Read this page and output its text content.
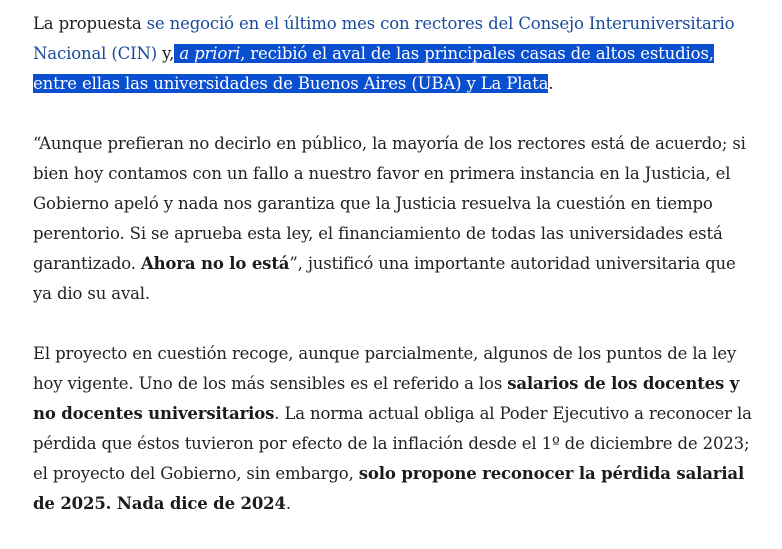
La propuesta se negoció en el último mes con rectores del Consejo Interuniversitario Nacional (CIN) y, a priori, recibió el aval de las principales casas de altos estudios, entre ellas las universidades de Buenos Aires (UBA) y La Plata.

“Aunque prefieran no decirlo en público, la mayoría de los rectores está de acuerdo; si bien hoy contamos con un fallo a nuestro favor en primera instancia en la Justicia, el Gobierno apeló y nada nos garantiza que la Justicia resuelva la cuestión en tiempo perentorio. Si se aprueba esta ley, el financiamiento de todas las universidades está garantizado. Ahora no lo está”, justificó una importante autoridad universitaria que ya dio su aval.

El proyecto en cuestión recoge, aunque parcialmente, algunos de los puntos de la ley hoy vigente. Uno de los más sensibles es el referido a los salarios de los docentes y no docentes universitarios. La norma actual obliga al Poder Ejecutivo a reconocer la pérdida que éstos tuvieron por efecto de la inflación desde el 1º de diciembre de 2023; el proyecto del Gobierno, sin embargo, solo propone reconocer la pérdida salarial de 2025. Nada dice de 2024.
